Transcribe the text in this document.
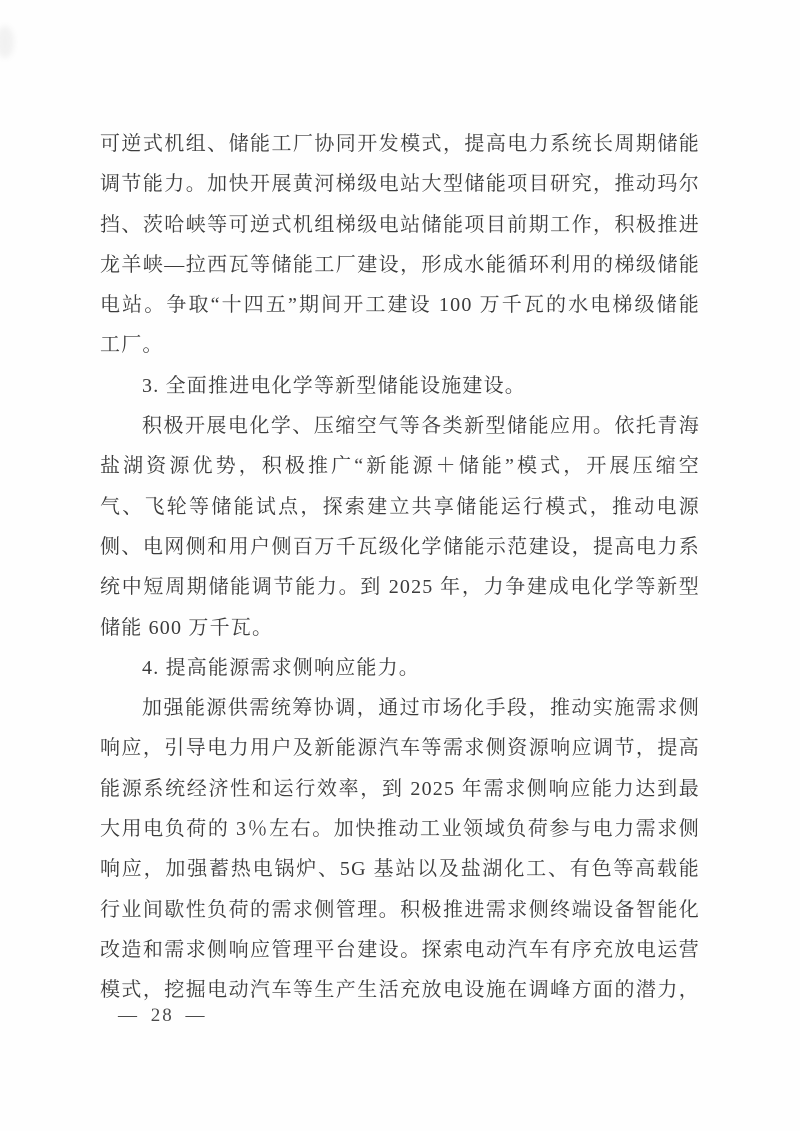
可逆式机组、储能工厂协同开发模式，提高电力系统长周期储能
调节能力。加快开展黄河梯级电站大型储能项目研究，推动玛尔
挡、茨哈峡等可逆式机组梯级电站储能项目前期工作，积极推进
龙羊峡—拉西瓦等储能工厂建设，形成水能循环利用的梯级储能
电站。争取“十四五”期间开工建设 100 万千瓦的水电梯级储能
工厂。
3. 全面推进电化学等新型储能设施建设。
积极开展电化学、压缩空气等各类新型储能应用。依托青海
盐湖资源优势，积极推广“新能源＋储能”模式，开展压缩空
气、飞轮等储能试点，探索建立共享储能运行模式，推动电源
侧、电网侧和用户侧百万千瓦级化学储能示范建设，提高电力系
统中短周期储能调节能力。到 2025 年，力争建成电化学等新型
储能 600 万千瓦。
4. 提高能源需求侧响应能力。
加强能源供需统筹协调，通过市场化手段，推动实施需求侧
响应，引导电力用户及新能源汽车等需求侧资源响应调节，提高
能源系统经济性和运行效率，到 2025 年需求侧响应能力达到最
大用电负荷的 3％左右。加快推动工业领域负荷参与电力需求侧
响应，加强蓄热电锅炉、5G 基站以及盐湖化工、有色等高载能
行业间歇性负荷的需求侧管理。积极推进需求侧终端设备智能化
改造和需求侧响应管理平台建设。探索电动汽车有序充放电运营
模式，挖掘电动汽车等生产生活充放电设施在调峰方面的潜力，
— 28 —
